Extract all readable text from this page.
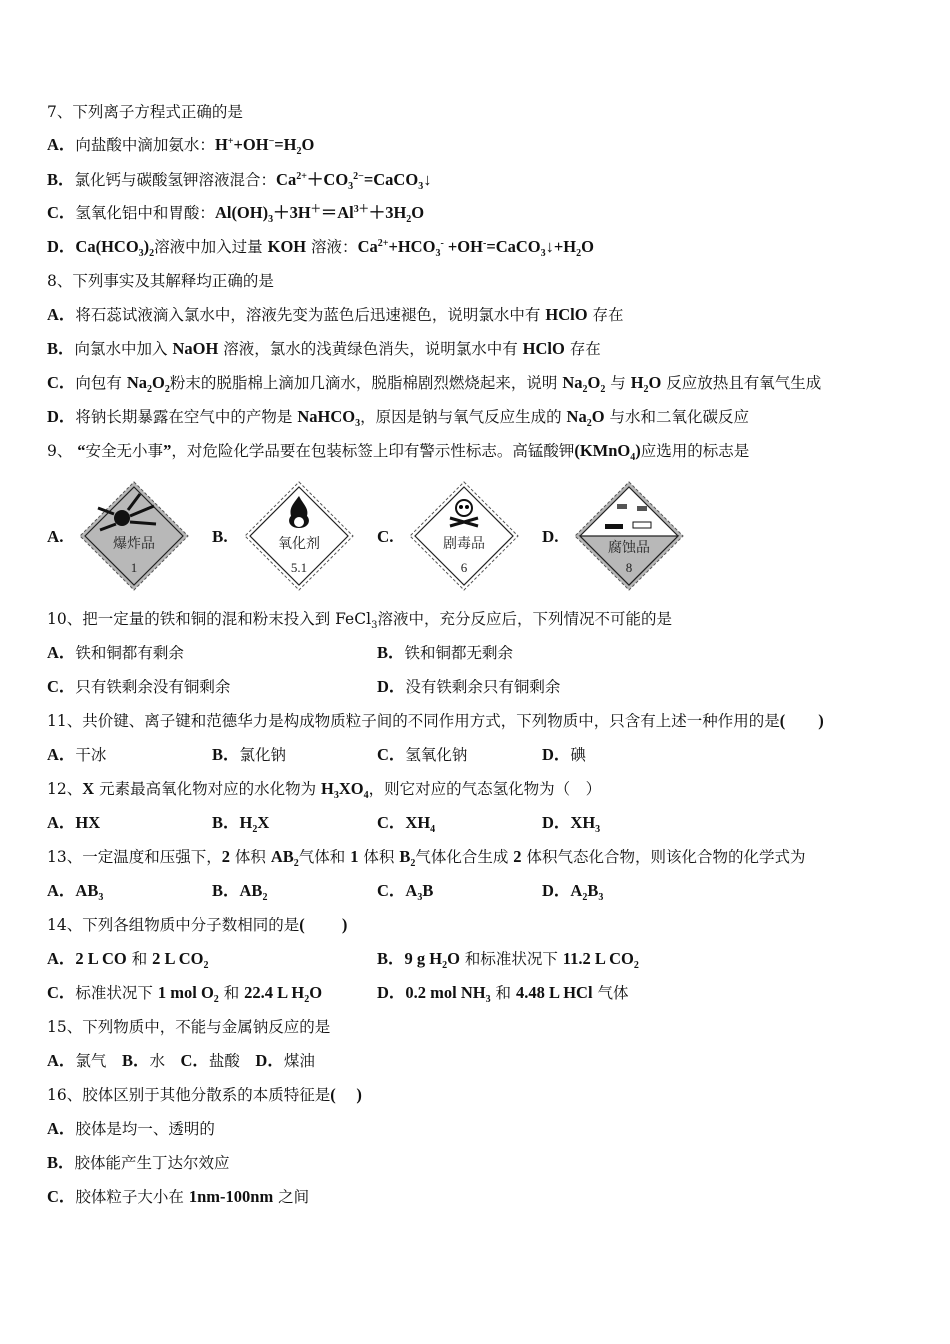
7、下列离子方程式正确的是
A．向盐酸中滴加氨水：$H^++OH^-=H_2O$
B．氯化钙与碳酸氢钾溶液混合：$Ca^{2+}+CO_3^{2-}=CaCO_3↓$
C．氢氧化铝中和胃酸：$Al(OH)_3+3H^+=Al^{3+}+3H_2O$
D．$Ca(HCO_3)_2$溶液中加入过量 KOH 溶液：$Ca^{2+}+HCO_3^-$ $+OH^-=CaCO_3↓+H_2O$
8、下列事实及其解释均正确的是
A．将石蕊试液滴入氯水中，溶液先变为蓝色后迅速褪色，说明氯水中有 HClO 存在
B．向氯水中加入 NaOH 溶液，氯水的浅黄绿色消失，说明氯水中有 HClO 存在
C．向包有 $Na_2O_2$粉末的脱脂棉上滴加几滴水，脱脂棉剧烈燃烧起来，说明 $Na_2O_2$ 与 $H_2O$ 反应放热且有氧气生成
D．将钠长期暴露在空气中的产物是 NaHCO$_3$，原因是钠与氧气反应生成的 $Na_2O$ 与水和二氧化碳反应
9、 “安全无小事”，对危险化学品要在包装标签上印有警示性标志。高锰酸钾(KMnO$_4$)应选用的标志是
10、把一定量的铁和铜的混和粉末投入到 FeCl$_3$溶液中，充分反应后，下列情况不可能的是
A．铁和铜都有剩余	B．铁和铜都无剩余
C．只有铁剩余没有铜剩余	D．没有铁剩余只有铜剩余
11、共价键、离子键和范德华力是构成物质粒子间的不同作用方式，下列物质中，只含有上述一种作用的是(　　)
A．干冰	B．氯化钠	C．氢氧化钠	D．碘
12、X 元素最高氧化物对应的水化物为 $H_3XO_4$，则它对应的气态氢化物为（　）
A．HX	B．$H_2X$	C．$XH_4$	D．$XH_3$
13、一定温度和压强下，2 体积 $AB_2$气体和 1 体积 $B_2$气体化合生成 2 体积气态化合物，则该化合物的化学式为
A．$AB_3$	B．$AB_2$	C．$A_3B$	D．$A_2B_3$
14、下列各组物质中分子数相同的是(　　 )
A．2 L CO 和 2 L $CO_2$	B．9 g $H_2O$ 和标准状况下 11.2 L $CO_2$
C．标准状况下 1 mol $O_2$ 和 22.4 L $H_2O$	D．0.2 mol $NH_3$ 和 4.48 L HCl 气体
15、下列物质中，不能与金属钠反应的是
A．氯气　B．水　C．盐酸　D．煤油
16、胶体区别于其他分散系的本质特征是(　 )
A．胶体是均一、透明的
B．胶体能产生丁达尔效应
C．胶体粒子大小在 1nm-100nm 之间
A.	爆炸品
1
B.	氧化剂
5.1
C.	剧毒品
6
D.
腐蚀品
8
